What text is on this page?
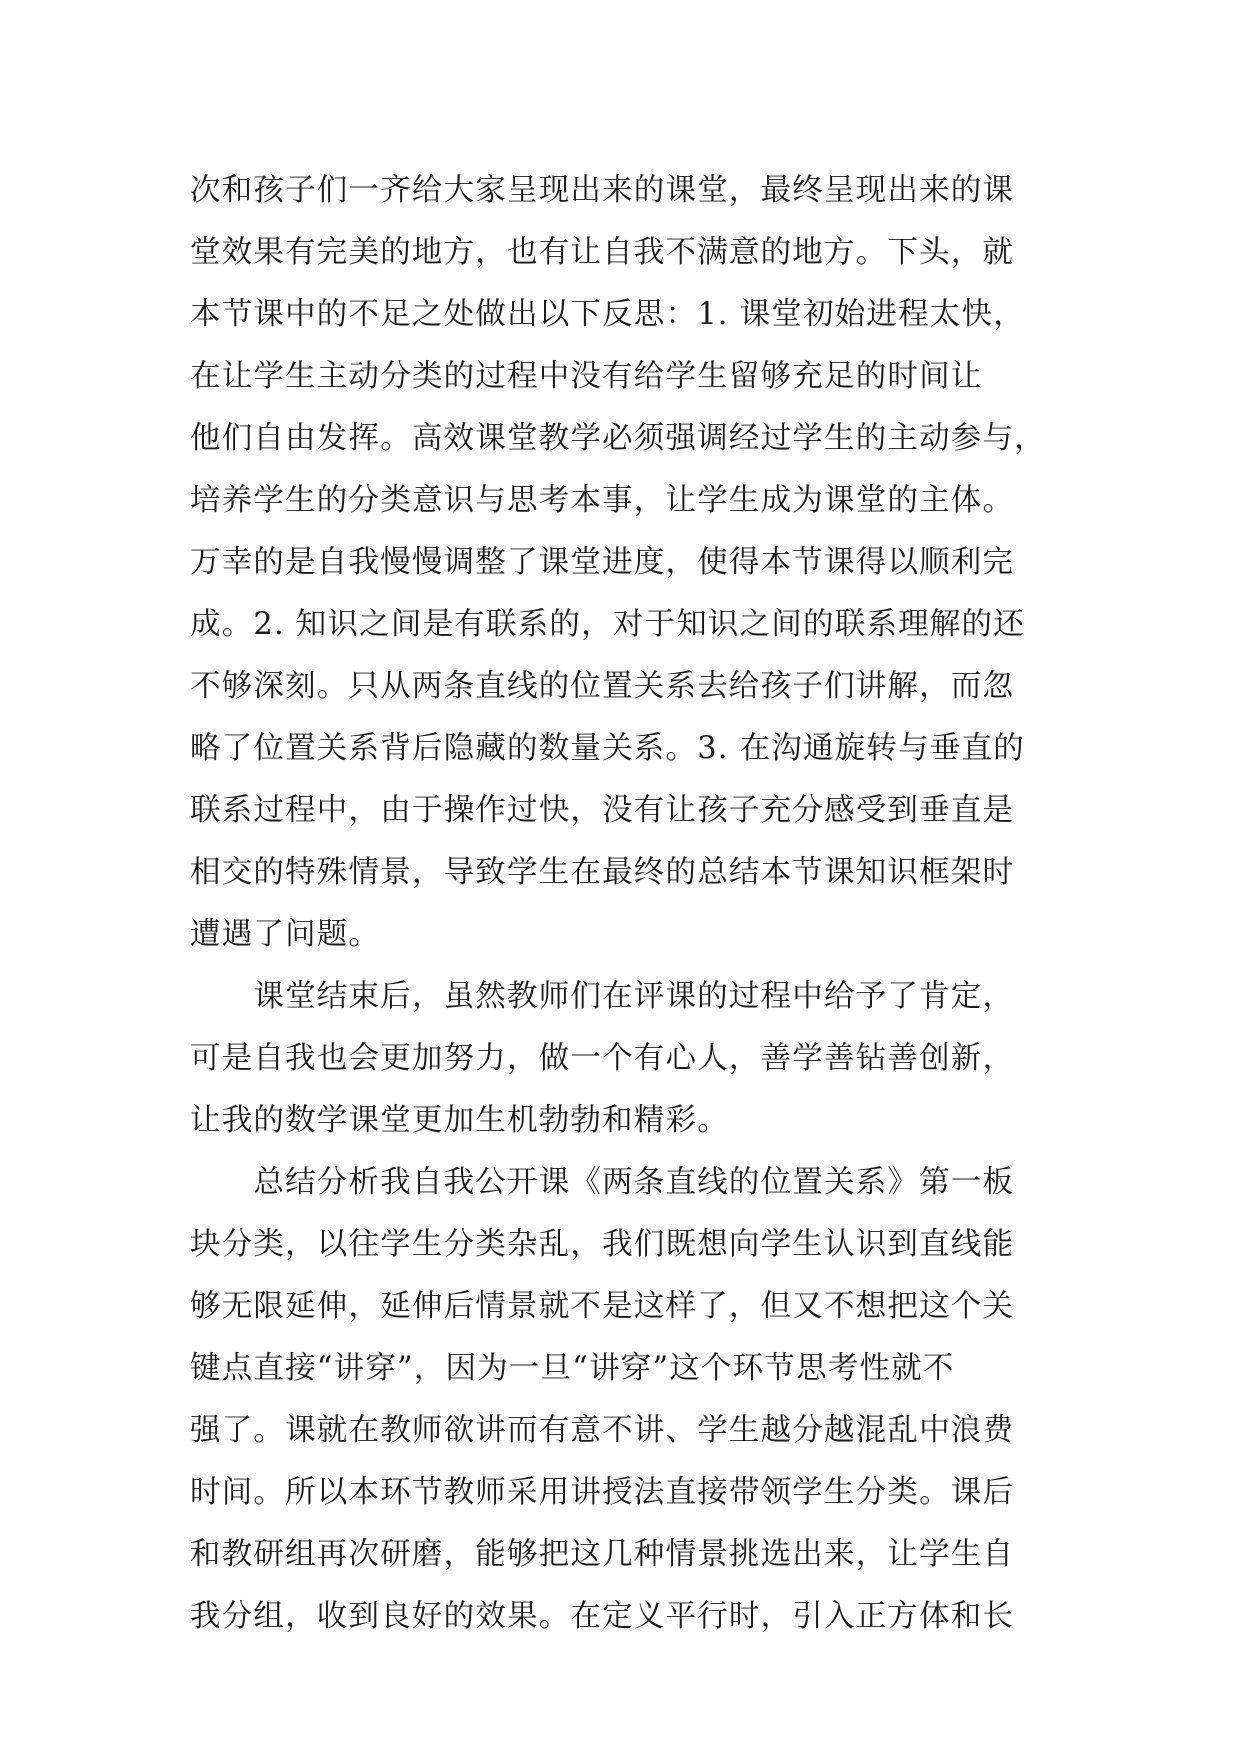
次和孩子们一齐给大家呈现出来的课堂，最终呈现出来的课
堂效果有完美的地方，也有让自我不满意的地方。下头，就
本节课中的不足之处做出以下反思：1. 课堂初始进程太快，
在让学生主动分类的过程中没有给学生留够充足的时间让
他们自由发挥。高效课堂教学必须强调经过学生的主动参与，
培养学生的分类意识与思考本事，让学生成为课堂的主体。
万幸的是自我慢慢调整了课堂进度，使得本节课得以顺利完
成。2. 知识之间是有联系的，对于知识之间的联系理解的还
不够深刻。只从两条直线的位置关系去给孩子们讲解，而忽
略了位置关系背后隐藏的数量关系。3. 在沟通旋转与垂直的
联系过程中，由于操作过快，没有让孩子充分感受到垂直是
相交的特殊情景，导致学生在最终的总结本节课知识框架时
遭遇了问题。
　　课堂结束后，虽然教师们在评课的过程中给予了肯定，
可是自我也会更加努力，做一个有心人，善学善钻善创新，
让我的数学课堂更加生机勃勃和精彩。
　　总结分析我自我公开课《两条直线的位置关系》第一板
块分类，以往学生分类杂乱，我们既想向学生认识到直线能
够无限延伸，延伸后情景就不是这样了，但又不想把这个关
键点直接“讲穿”，因为一旦“讲穿”这个环节思考性就不
强了。课就在教师欲讲而有意不讲、学生越分越混乱中浪费
时间。所以本环节教师采用讲授法直接带领学生分类。课后
和教研组再次研磨，能够把这几种情景挑选出来，让学生自
我分组，收到良好的效果。在定义平行时，引入正方体和长
